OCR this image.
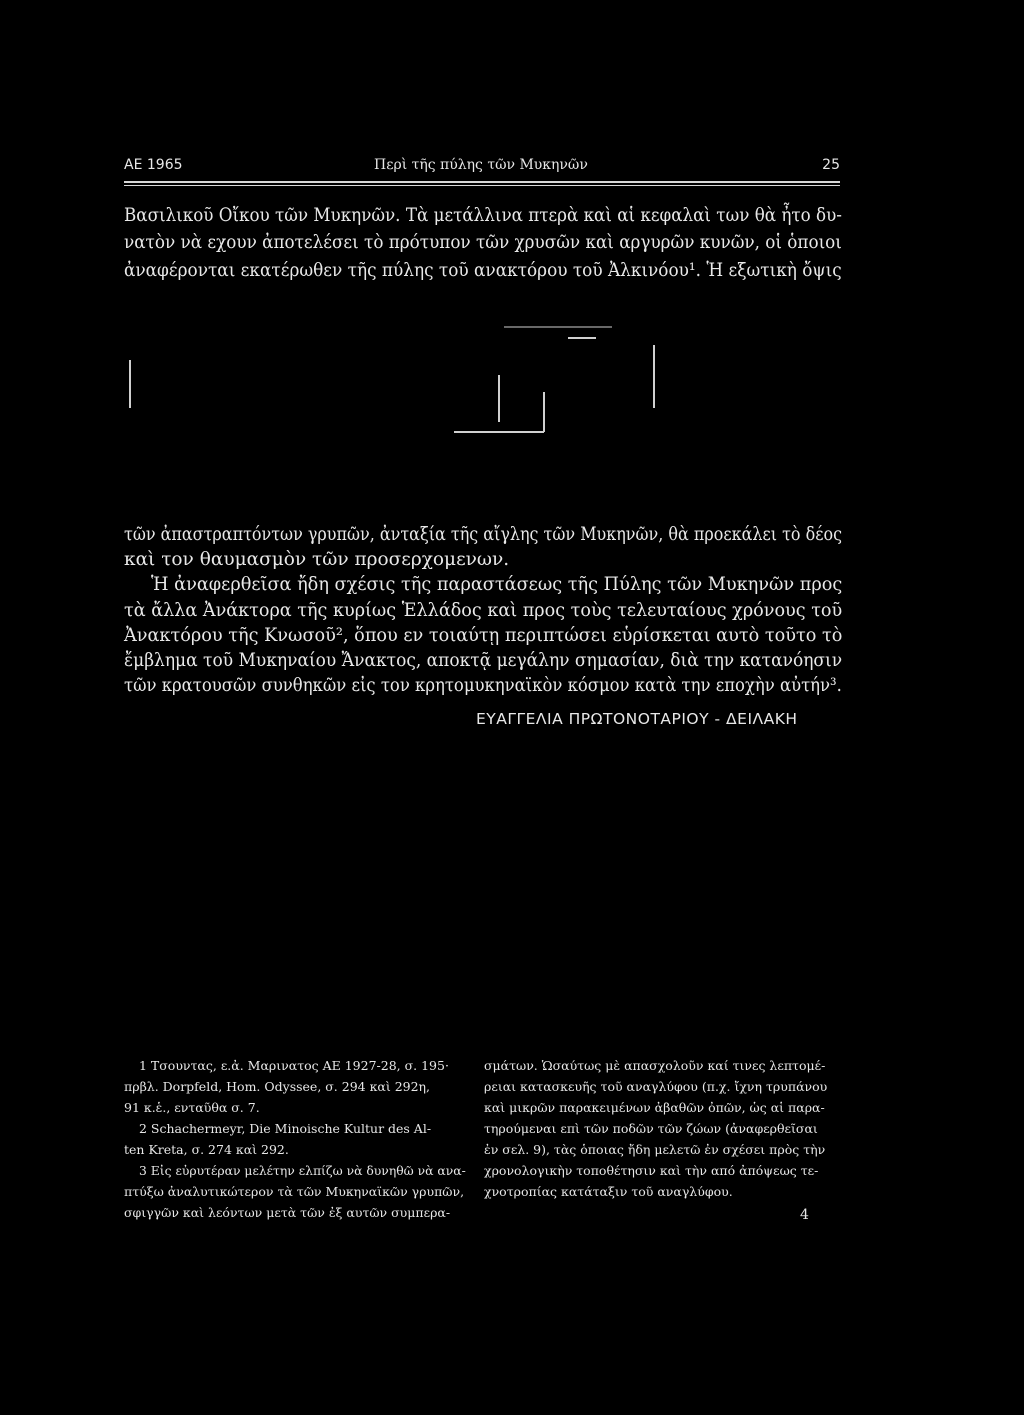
ΑΕ 1965	Περὶ τῆς πύλης τῶν Μυκηνῶν	25
Βασιλικοῦ Οἴκου τῶν Μυκηνῶν. Τὰ μετάλλινα πτερὰ καὶ αἱ κεφαλαὶ των θὰ ἦτο δυ-
νατὸν νὰ εχουν ἀποτελέσει τὸ πρότυπον τῶν χρυσῶν καὶ αργυρῶν κυνῶν, οἱ ὁποιοι
ἀναφέρονται εκατέρωθεν τῆς πύλης τοῦ ανακτόρου τοῦ Ἀλκινόου¹. Ἡ εξωτικὴ ὄψις
τῶν ἀπαστραπτόντων γρυπῶν, ἀνταξία τῆς αἴγλης τῶν Μυκηνῶν, θὰ προεκάλει τὸ δέος
καὶ τον θαυμασμὸν τῶν προσερχομενων.
Ἡ ἀναφερθεῖσα ἤδη σχέσις τῆς παραστάσεως τῆς Πύλης τῶν Μυκηνῶν προς
τὰ ἄλλα Ἀνάκτορα τῆς κυρίως Ἑλλάδος καὶ προς τοὺς τελευταίους χρόνους τοῦ
Ἀνακτόρου τῆς Κνωσοῦ², ὅπου εν τοιαύτῃ περιπτώσει εὑρίσκεται αυτὸ τοῦτο τὸ
ἔμβλημα τοῦ Μυκηναίου Ἄνακτος, αποκτᾷ μεγάλην σημασίαν, διὰ την κατανόησιν
τῶν κρατουσῶν συνθηκῶν εἰς τον κρητομυκηναϊκὸν κόσμον κατὰ την εποχὴν αὐτήν³.
ΕΥΑΓΓΕΛΙΑ ΠΡΩΤΟΝΟΤΑΡΙΟΥ - ΔΕΙΛΑΚΗ
1 Τσουντας, ε.ἀ. Μαρινατος ΑΕ 1927-28, σ. 195·
πρβλ. Dorpfeld, Hom. Odyssee, σ. 294 καὶ 292η,
91 κ.ἑ., ενταῦθα σ. 7.
2 Schachermeyr, Die Minoische Kultur des Al-
ten Kreta, σ. 274 καὶ 292.
3 Εἰς εὐρυτέραν μελέτην ελπίζω νὰ δυνηθῶ νὰ ανα-
πτύξω ἀναλυτικώτερον τὰ τῶν Μυκηναϊκῶν γρυπῶν,
σφιγγῶν καὶ λεόντων μετὰ τῶν ἐξ αυτῶν συμπερα-
σμάτων. Ὡσαύτως μὲ απασχολοῦν καί τινες λεπτομέ-
ρειαι κατασκευῆς τοῦ αναγλύφου (π.χ. ἴχνη τρυπάνου
καὶ μικρῶν παρακειμένων ἀβαθῶν ὀπῶν, ὡς αἱ παρα-
τηρούμεναι επὶ τῶν ποδῶν τῶν ζώων (ἀναφερθεῖσαι
ἐν σελ. 9), τὰς ὁποιας ἤδη μελετῶ ἐν σχέσει πρὸς τὴν
χρονολογικὴν τοποθέτησιν καὶ τὴν από ἀπόψεως τε-
χνοτροπίας κατάταξιν τοῦ αναγλύφου.
4
